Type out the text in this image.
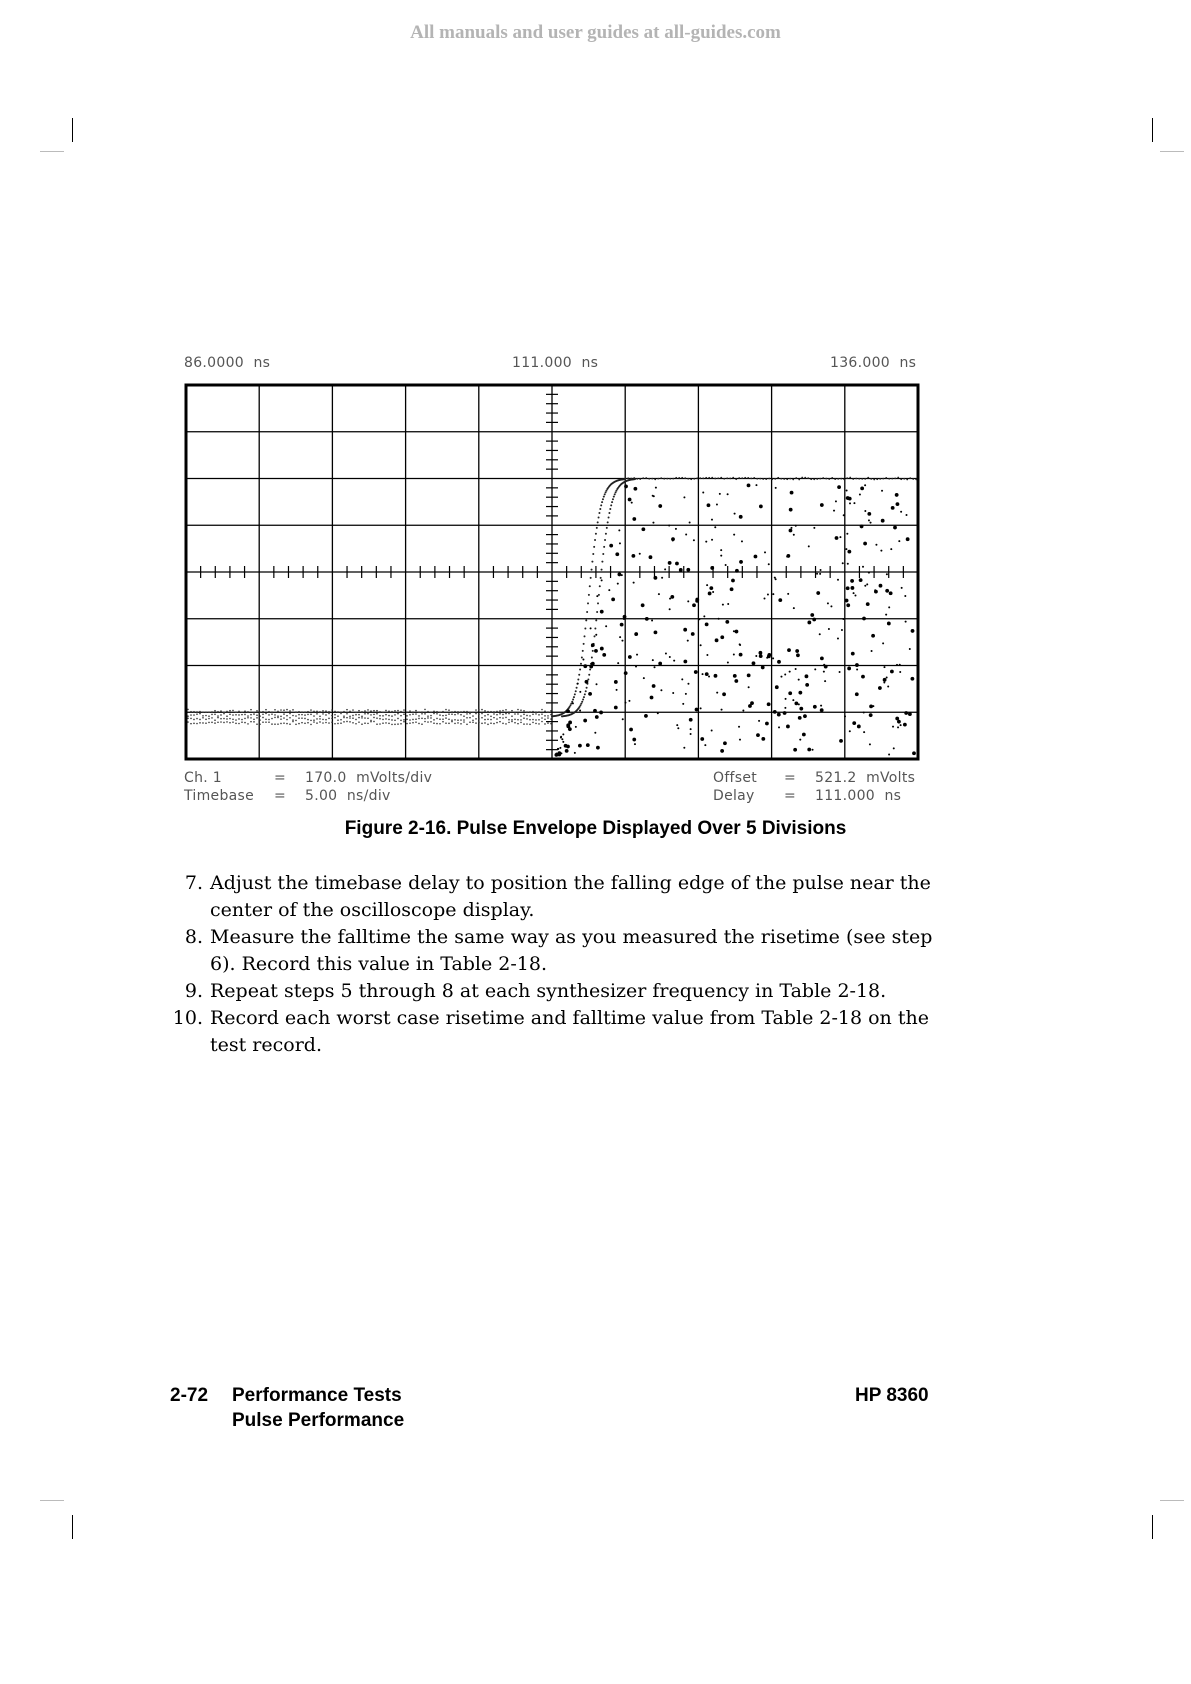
All manuals and user guides at all-guides.com
86.0000  ns	111.000  ns	136.000  ns
Ch. 1	= 170.0  mVolts/div
Timebase = 5.00  ns/div
Offset = 521.2  mVolts
Delay = 111.000  ns
Figure 2-16. Pulse Envelope Displayed Over 5 Divisions
7. Adjust the timebase delay to position the falling edge of the pulse near the center of the oscilloscope display.
8. Measure the falltime the same way as you measured the risetime (see step 6). Record this value in Table 2-18.
9. Repeat steps 5 through 8 at each synthesizer frequency in Table 2-18.
10. Record each worst case risetime and falltime value from Table 2-18 on the test record.
2-72 Performance Tests
Pulse Performance
HP 8360
